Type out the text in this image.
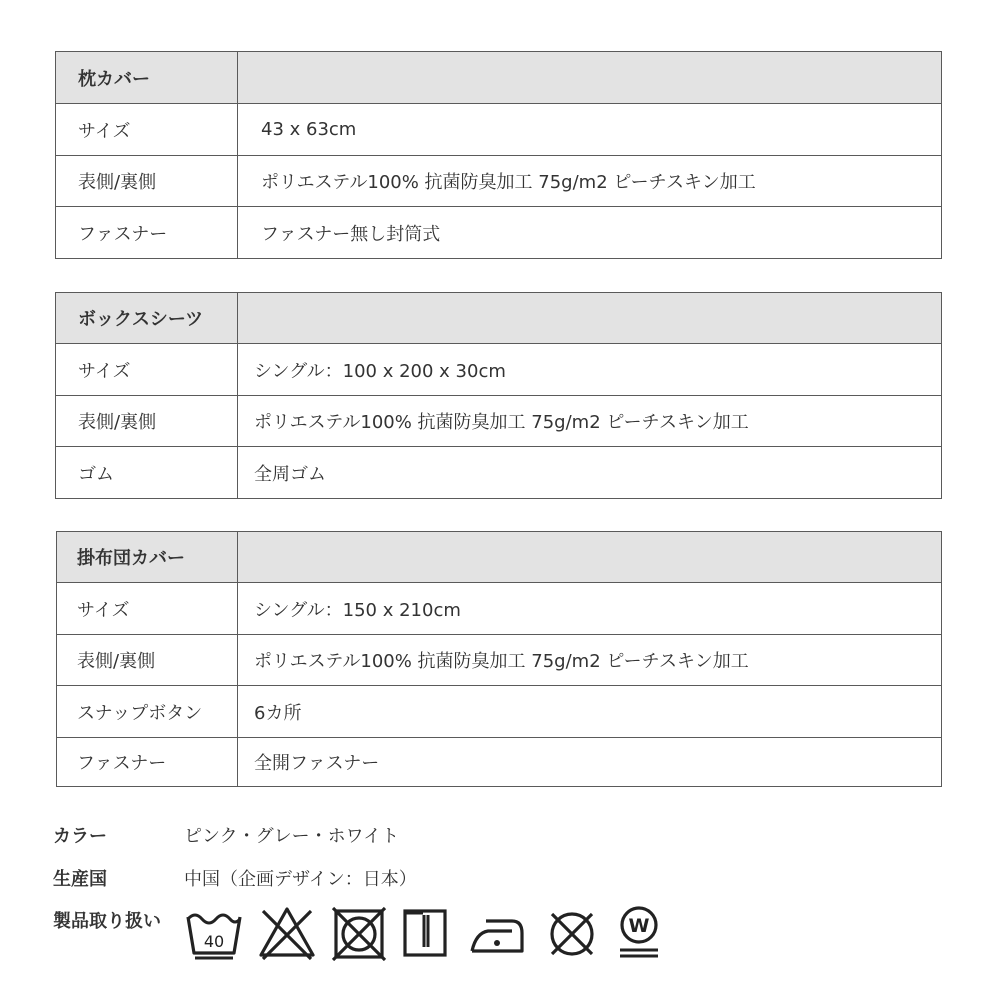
枕カバー	
サイズ	43 x 63cm
表側/裏側	ポリエステル100% 抗菌防臭加工 75g/m2 ピーチスキン加工
ファスナー	ファスナー無し封筒式
ボックスシーツ	
サイズ	シングル：100 x 200 x 30cm
表側/裏側	ポリエステル100% 抗菌防臭加工 75g/m2 ピーチスキン加工
ゴム	全周ゴム
掛布団カバー	
サイズ	シングル：150 x 210cm
表側/裏側	ポリエステル100% 抗菌防臭加工 75g/m2 ピーチスキン加工
スナップボタン	6カ所
ファスナー	全開ファスナー
カラー	ピンク・グレー・ホワイト
生産国	中国（企画デザイン：日本）
製品取り扱い
40
W
